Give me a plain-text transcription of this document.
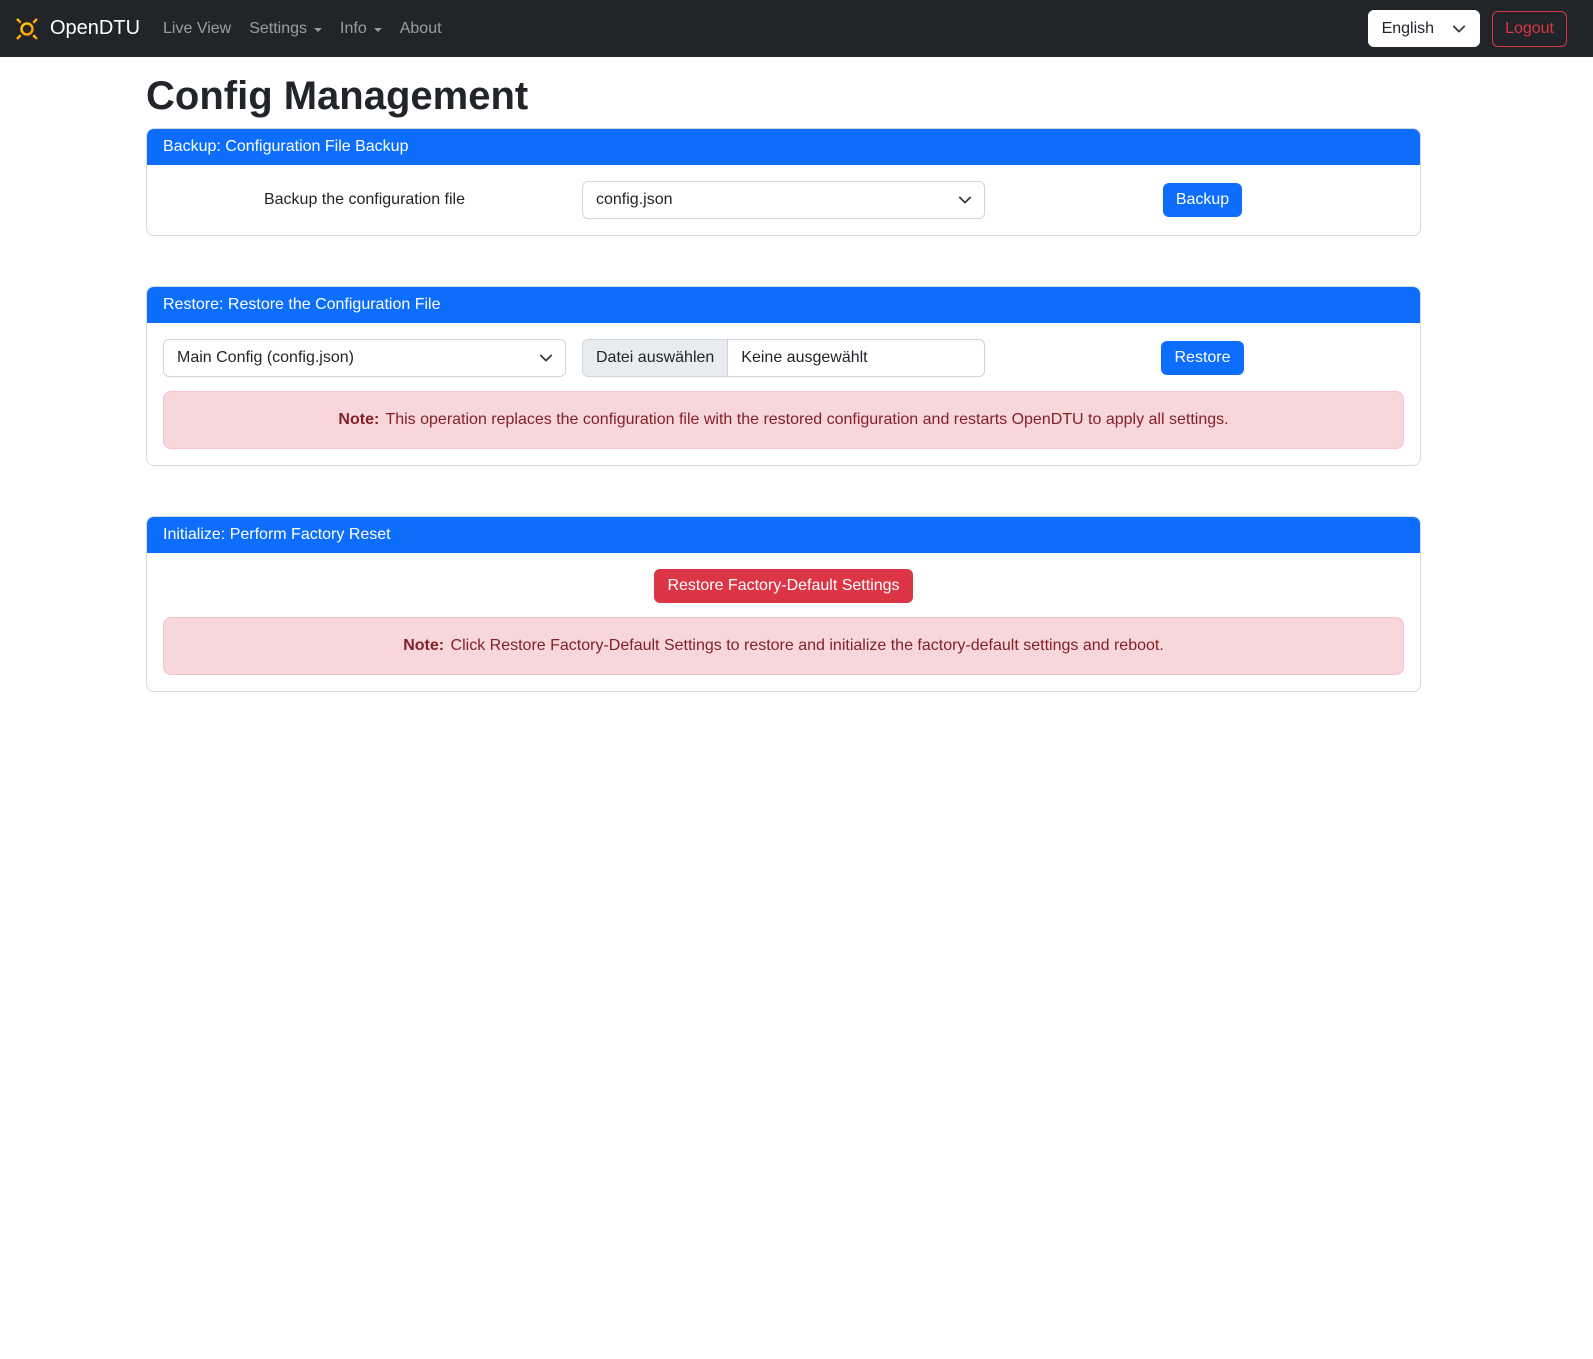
OpenDTU Live View Settings Info About	English	Logout
Config Management
Backup: Configuration File Backup
Backup the configuration file	config.json	Backup
Restore: Restore the Configuration File
Main Config (config.json)	Datei auswählen	Keine ausgewählt	Restore
Note: This operation replaces the configuration file with the restored configuration and restarts OpenDTU to apply all settings.
Initialize: Perform Factory Reset
Restore Factory-Default Settings
Note: Click Restore Factory-Default Settings to restore and initialize the factory-default settings and reboot.
